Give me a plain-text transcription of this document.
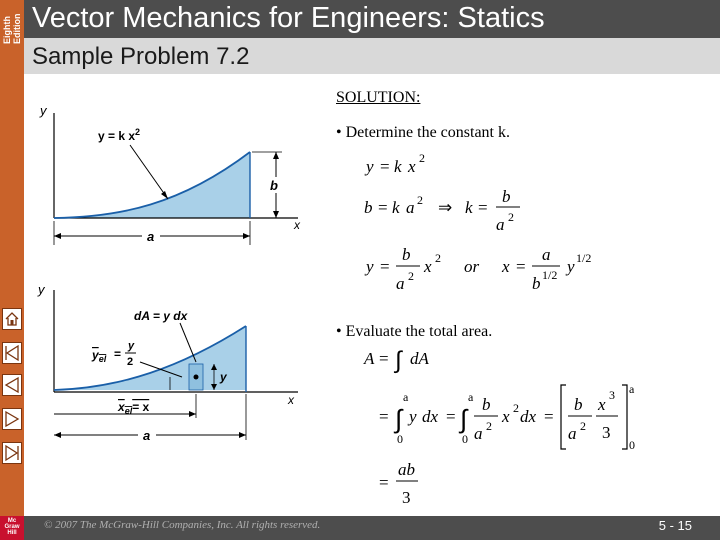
Eighth Edition Vector Mechanics for Engineers: Statics
Sample Problem 7.2
y
x
y = k $x^2$
b
a
y
x
dA = y dx
$y_{el}$ =
y
2
y
$x_{el}= x$
a
SOLUTION:
• Determine the constant k.
• Evaluate the total area.
y = k x 2
b = k a 2 ⇒ k =
b
a 2
y =
b
a 2 x 2 or x =
a
b 1/2 y 1/2
A = ∫ dA
= ∫
a
0
y dx = ∫
a
0
b
a 2 x 2 dx =
b
a 2
x 3
3
a
0
=
ab
3
Mc Graw Hill
© 2007 The McGraw-Hill Companies, Inc. All rights reserved.	5 - 15
